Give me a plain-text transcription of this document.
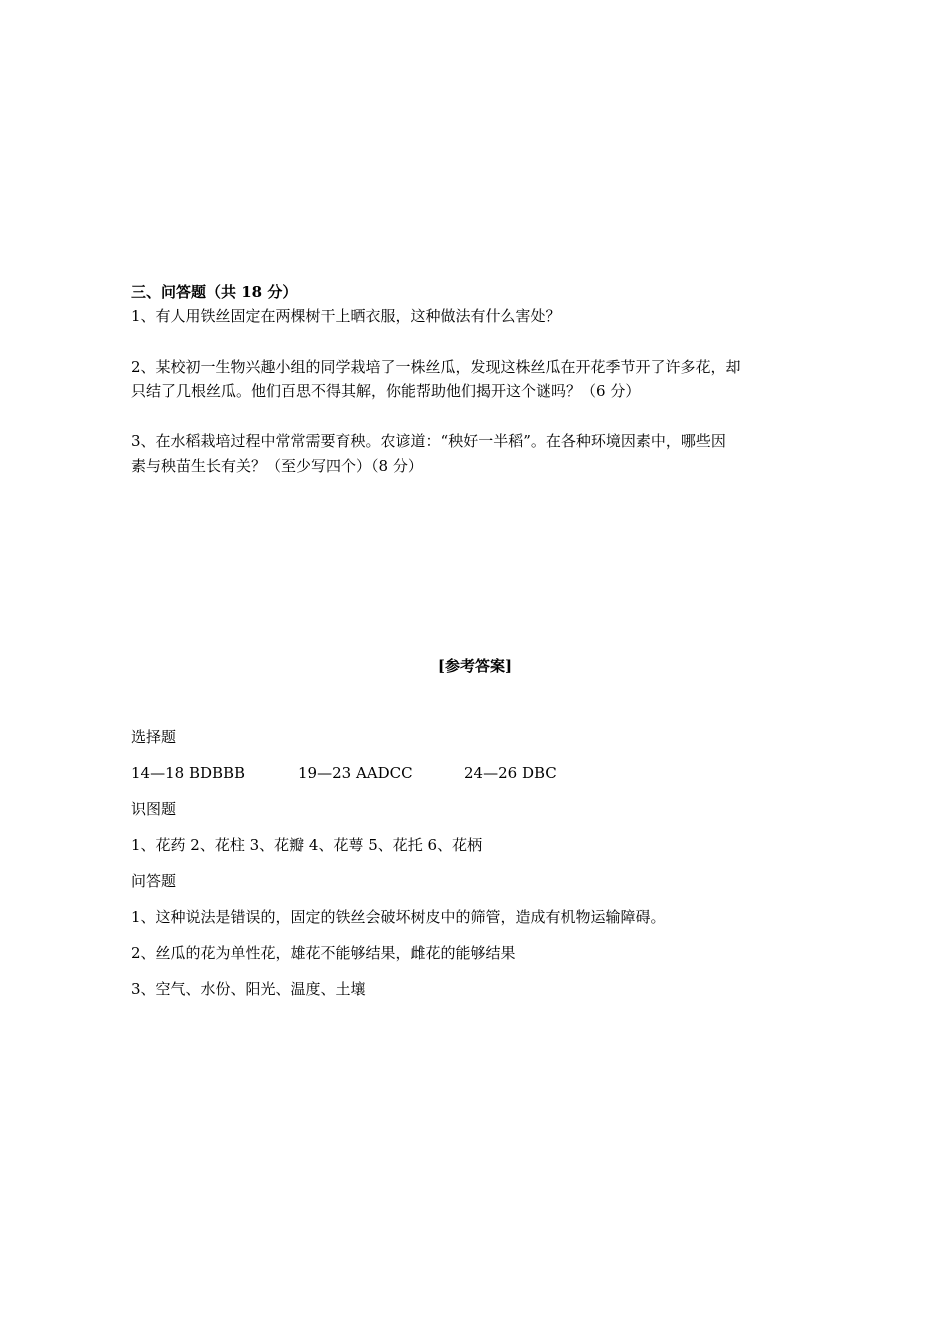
三、问答题（共 18 分）
1、有人用铁丝固定在两棵树干上晒衣服，这种做法有什么害处？
2、某校初一生物兴趣小组的同学栽培了一株丝瓜，发现这株丝瓜在开花季节开了许多花，却
只结了几根丝瓜。他们百思不得其解，你能帮助他们揭开这个谜吗？（6 分）
3、在水稻栽培过程中常常需要育秧。农谚道：“秧好一半稻”。在各种环境因素中，哪些因
素与秧苗生长有关？（至少写四个）（8 分）
[参考答案]
选择题

14—18 BDBBB

	19—23 AADCC

	24—26 DBC

识图题
1、花药 2、花柱 3、花瓣 4、花萼 5、花托 6、花柄
问答题
1、这种说法是错误的，固定的铁丝会破坏树皮中的筛管，造成有机物运输障碍。
2、丝瓜的花为单性花，雄花不能够结果，雌花的能够结果
3、空气、水份、阳光、温度、土壤
